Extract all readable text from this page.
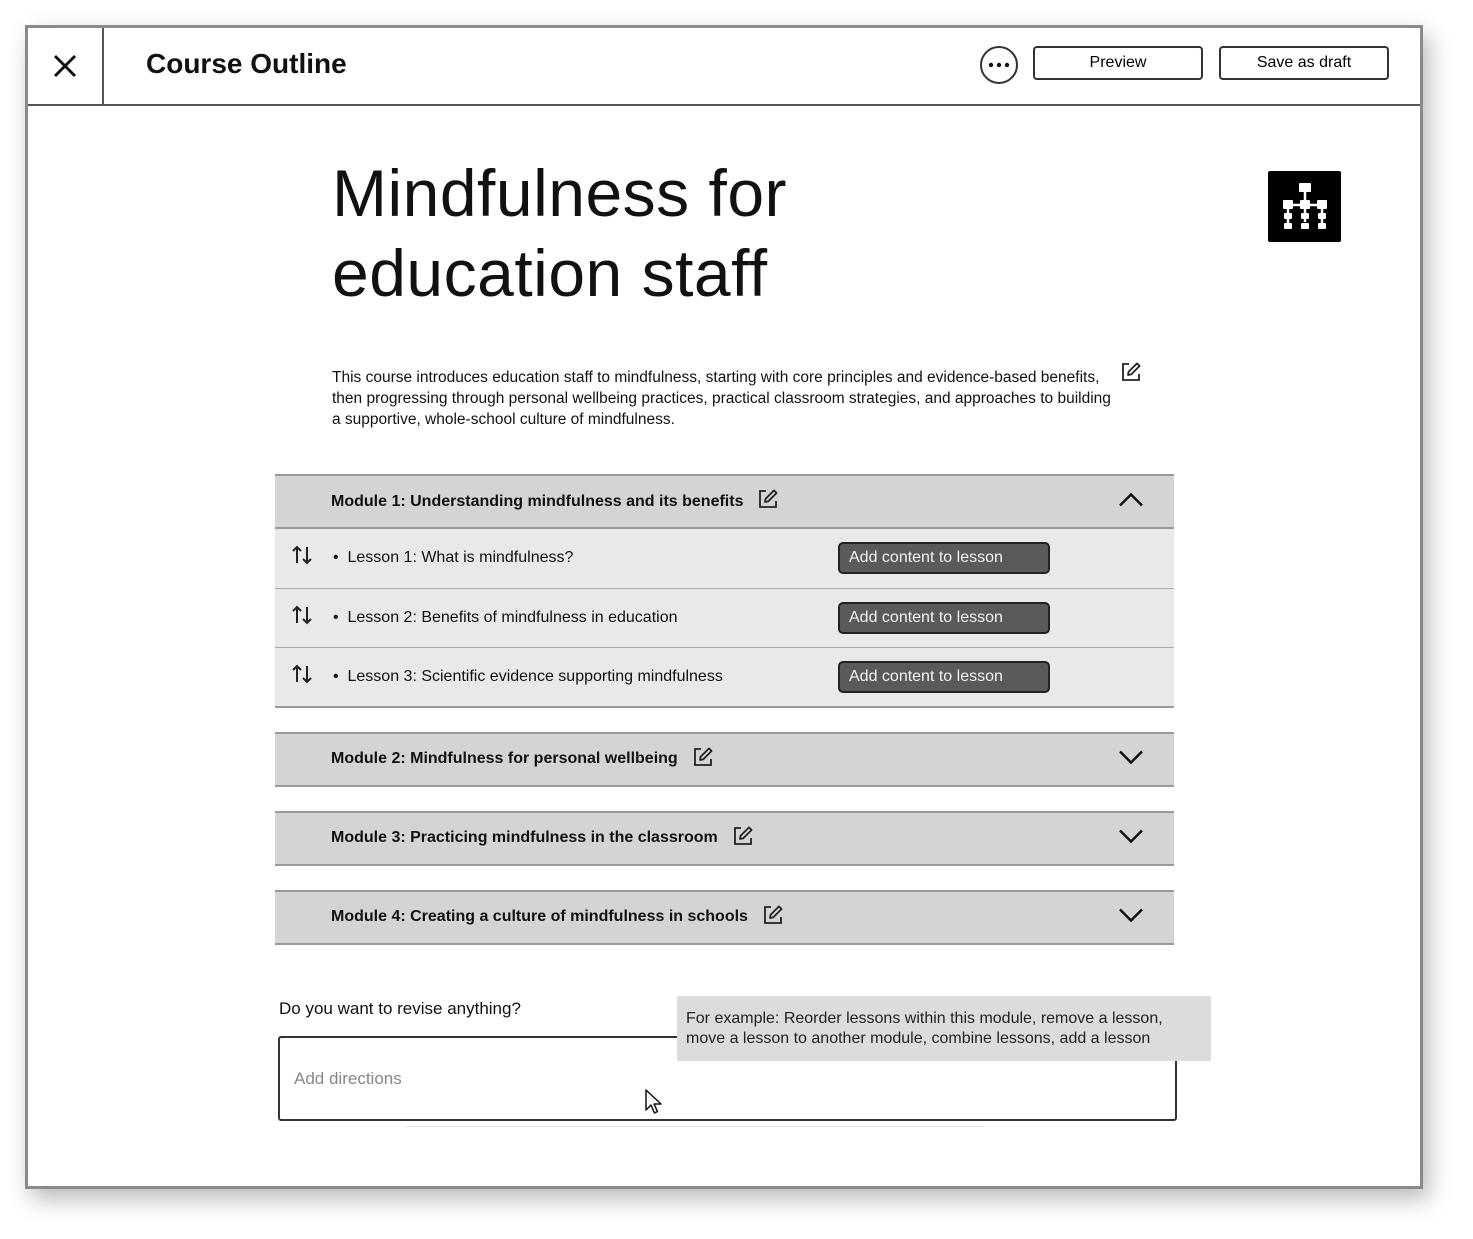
Course Outline	Preview	Save as draft
Mindfulness for
education staff
This course introduces education staff to mindfulness, starting with core principles and evidence-based benefits, then progressing through personal wellbeing practices, practical classroom strategies, and approaches to building a supportive, whole-school culture of mindfulness.
Module 1: Understanding mindfulness and its benefits
•  Lesson 1: What is mindfulness?	Add content to lesson
•  Lesson 2: Benefits of mindfulness in education	Add content to lesson
•  Lesson 3: Scientific evidence supporting mindfulness	Add content to lesson
Module 2: Mindfulness for personal wellbeing
Module 3: Practicing mindfulness in the classroom
Module 4: Creating a culture of mindfulness in schools
Do you want to revise anything?
Add directions
For example: Reorder lessons within this module, remove a lesson, move a lesson to another module, combine lessons, add a lesson
